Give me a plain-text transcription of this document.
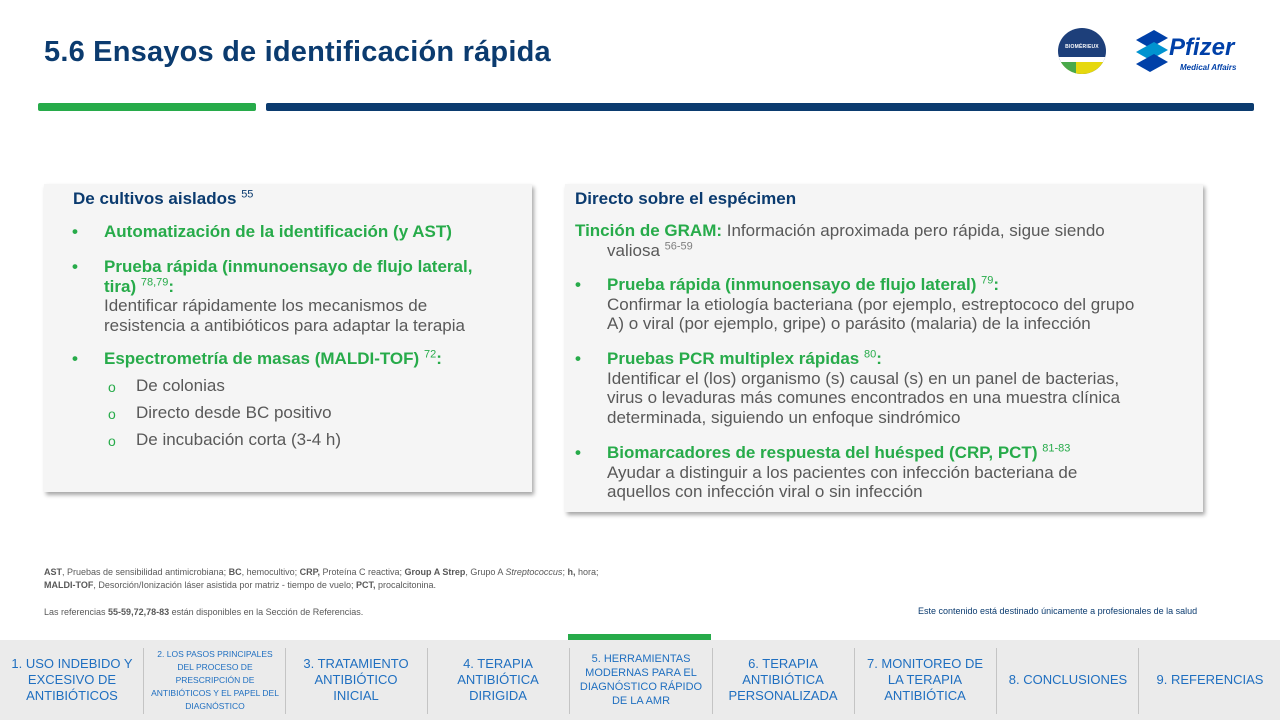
5.6 Ensayos de identificación rápida	BIOMÉRIEUX	Pfizer
Medical Affairs
De cultivos aislados $^{55}$
• Automatización de la identificación (y AST)
• Prueba rápida (inmunoensayo de flujo lateral,
tira) $^{78,79}$:
Identificar rápidamente los mecanismos de
resistencia a antibióticos para adaptar la terapia
• Espectrometría de masas (MALDI-TOF) $^{72}$:
o De colonias
o Directo desde BC positivo
o De incubación corta (3-4 h)
Directo sobre el espécimen
Tinción de GRAM: Información aproximada pero rápida, sigue siendo
valiosa $^{56-59}$
• Prueba rápida (inmunoensayo de flujo lateral) $^{79}$:
Confirmar la etiología bacteriana (por ejemplo, estreptococo del grupo
A) o viral (por ejemplo, gripe) o parásito (malaria) de la infección
• Pruebas PCR multiplex rápidas $^{80}$:
Identificar el (los) organismo (s) causal (s) en un panel de bacterias,
virus o levaduras más comunes encontrados en una muestra clínica
determinada, siguiendo un enfoque sindrómico
• Biomarcadores de respuesta del huésped (CRP, PCT) $^{81-83}$
Ayudar a distinguir a los pacientes con infección bacteriana de
aquellos con infección viral o sin infección
AST, Pruebas de sensibilidad antimicrobiana; BC, hemocultivo; CRP, Proteína C reactiva; Group A Strep, Grupo A Streptococcus; h, hora;
MALDI-TOF, Desorción/Ionización láser asistida por matriz - tiempo de vuelo; PCT, procalcitonina.
Las referencias 55-59,72,78-83 están disponibles en la Sección de Referencias.	Este contenido está destinado únicamente a profesionales de la salud
1. USO INDEBIDO Y EXCESIVO DE ANTIBIÓTICOS
2. LOS PASOS PRINCIPALES DEL PROCESO DE PRESCRIPCIÓN DE ANTIBIÓTICOS Y EL PAPEL DEL DIAGNÓSTICO
3. TRATAMIENTO ANTIBIÓTICO INICIAL
4. TERAPIA ANTIBIÓTICA DIRIGIDA
5. HERRAMIENTAS MODERNAS PARA EL DIAGNÓSTICO RÁPIDO DE LA AMR
6. TERAPIA ANTIBIÓTICA PERSONALIZADA
7. MONITOREO DE LA TERAPIA ANTIBIÓTICA
8. CONCLUSIONES	9. REFERENCIAS
